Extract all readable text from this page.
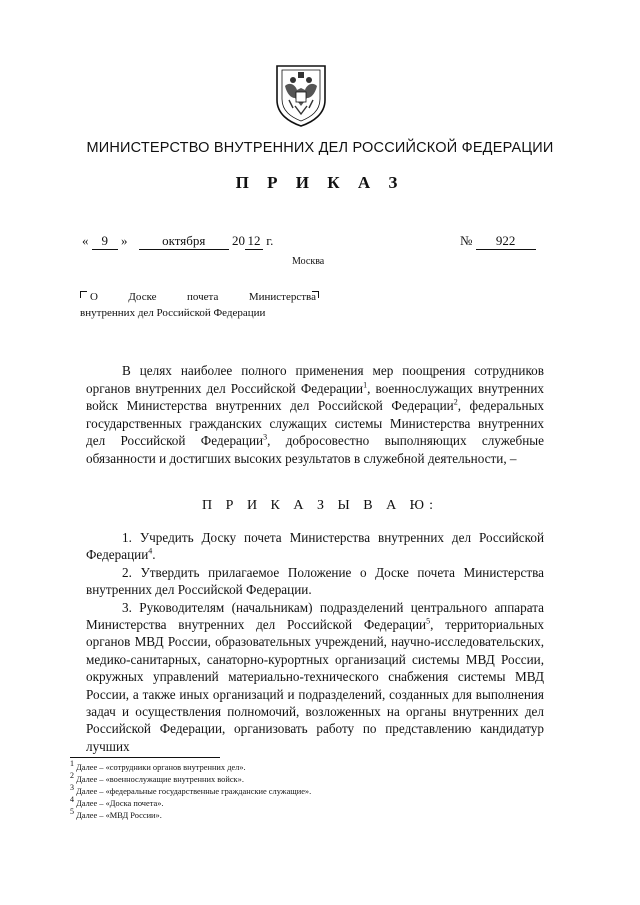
МИНИСТЕРСТВО ВНУТРЕННИХ ДЕЛ РОССИЙСКОЙ ФЕДЕРАЦИИ
П Р И К А З
« 9 »	октября 20 12 г.	№ 922
Москва
О	Доске	почета	Министерства
внутренних дел Российской Федерации

В целях наиболее полного применения мер поощрения сотрудников органов внутренних дел Российской Федерации$^1$, военнослужащих внутренних войск Министерства внутренних дел Российской Федерации$^2$, федеральных государственных гражданских служащих системы Министерства внутренних дел Российской Федерации$^3$, добросовестно выполняющих служебные обязанности и достигших высоких результатов в служебной деятельности, –

П Р И К А З Ы В А Ю:

1. Учредить Доску почета Министерства внутренних дел Российской Федерации$^4$.

2. Утвердить прилагаемое Положение о Доске почета Министерства внутренних дел Российской Федерации.

3. Руководителям (начальникам) подразделений центрального аппарата Министерства внутренних дел Российской Федерации$^5$, территориальных органов МВД России, образовательных учреждений, научно-исследовательских, медико-санитарных, санаторно-курортных организаций системы МВД России, окружных управлений материально-технического снабжения системы МВД России, а также иных организаций и подразделений, созданных для выполнения задач и осуществления полномочий, возложенных на органы внутренних дел Российской Федерации, организовать работу по представлению кандидатур лучших

$^1$ Далее – «сотрудники органов внутренних дел».
$^2$ Далее – «военнослужащие внутренних войск».
$^3$ Далее – «федеральные государственные гражданские служащие».
$^4$ Далее – «Доска почета».
$^5$ Далее – «МВД России».
